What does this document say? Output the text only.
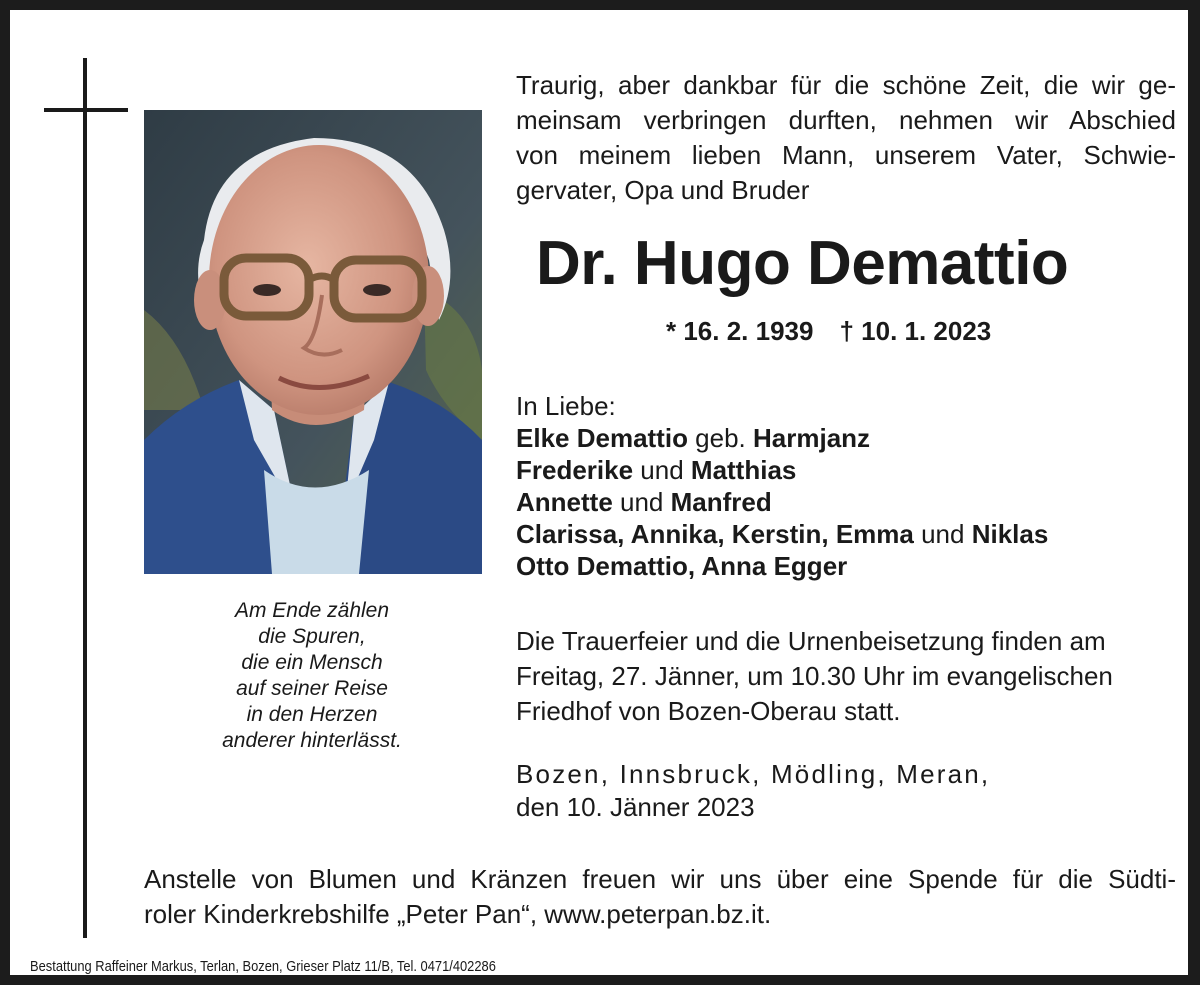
Am Ende zählen
die Spuren,
die ein Mensch
auf seiner Reise
in den Herzen
anderer hinterlässt.
Traurig, aber dankbar für die schöne Zeit, die wir ge-
meinsam verbringen durften, nehmen wir Abschied
von meinem lieben Mann, unserem Vater, Schwie-
gervater, Opa und Bruder
Dr. Hugo Demattio
* 16. 2. 1939 † 10. 1. 2023
In Liebe:
Elke Demattio geb. Harmjanz
Frederike und Matthias
Annette und Manfred
Clarissa, Annika, Kerstin, Emma und Niklas
Otto Demattio, Anna Egger
Die Trauerfeier und die Urnenbeisetzung finden am
Freitag, 27. Jänner, um 10.30 Uhr im evangelischen
Friedhof von Bozen-Oberau statt.
Bozen, Innsbruck, Mödling, Meran,
den 10. Jänner 2023
Anstelle von Blumen und Kränzen freuen wir uns über eine Spende für die Südti-
roler Kinderkrebshilfe „Peter Pan“, www.peterpan.bz.it.
Bestattung Raffeiner Markus, Terlan, Bozen, Grieser Platz 11/B, Tel. 0471/402286
